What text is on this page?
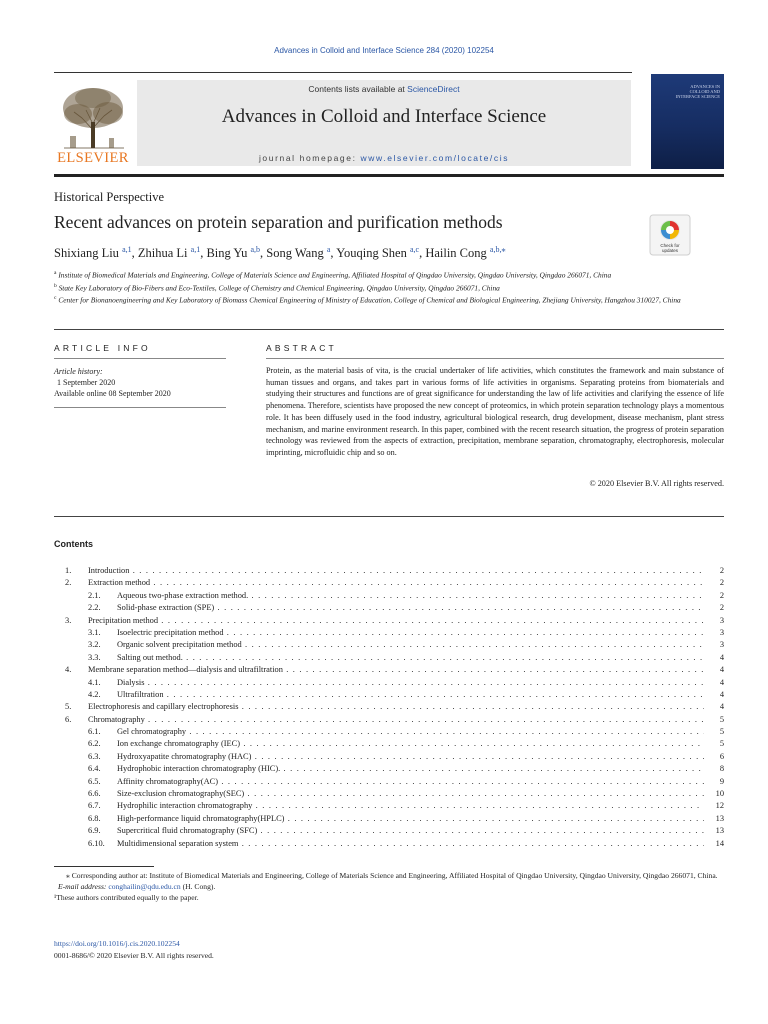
Advances in Colloid and Interface Science 284 (2020) 102254
ELSEVIER
Contents lists available at ScienceDirect
Advances in Colloid and Interface Science
journal homepage: www.elsevier.com/locate/cis
ADVANCES IN COLLOID AND INTERFACE SCIENCE
Historical Perspective
Recent advances on protein separation and purification methods
Check for
updates
Shixiang Liu $^{a,1}$, Zhihua Li $^{a,1}$, Bing Yu $^{a,b}$, Song Wang $^a$, Youqing Shen $^{a,c}$, Hailin Cong $^{a,b,⁎}$
$^a$ Institute of Biomedical Materials and Engineering, College of Materials Science and Engineering, Affiliated Hospital of Qingdao University, Qingdao University, Qingdao 266071, China
$^b$ State Key Laboratory of Bio-Fibers and Eco-Textiles, College of Chemistry and Chemical Engineering, Qingdao University, Qingdao 266071, China
$^c$ Center for Bionanoengineering and Key Laboratory of Biomass Chemical Engineering of Ministry of Education, College of Chemical and Biological Engineering, Zhejiang University, Hangzhou 310027, China
ARTICLE INFO
Article history:
1 September 2020
Available online 08 September 2020
ABSTRACT
Protein, as the material basis of vita, is the crucial undertaker of life activities, which constitutes the framework and main substance of human tissues and organs, and takes part in various forms of life activities in organisms. Separating proteins from biomaterials and studying their structures and functions are of great significance for understanding the law of life activities and clarifying the essence of life phenomena. Therefore, scientists have proposed the new concept of proteomics, in which protein separation technology plays a momentous role. It has been diffusely used in the food industry, agricultural biological research, drug development, disease mechanism, plant stress mechanism, and marine environment research. In this paper, combined with the recent research situation, the progress of protein separation technology was reviewed from the aspects of extraction, precipitation, membrane separation, chromatography, electrophoresis, molecular imprinting, microfluidic chip and so on.
© 2020 Elsevier B.V. All rights reserved.
Contents
1. Introduction . . .	2
2. Extraction method . . .	2
2.1. Aqueous two-phase extraction method. . . .	2
2.2. Solid-phase extraction (SPE) . . .	2
3. Precipitation method . . .	3
3.1. Isoelectric precipitation method . . .	3
3.2. Organic solvent precipitation method . . .	3
3.3. Salting out method. . . .	4
4. Membrane separation method—dialysis and ultrafiltration . . .	4
4.1. Dialysis . . .	4
4.2. Ultrafiltration . . .	4
5. Electrophoresis and capillary electrophoresis . . .	4
6. Chromatography . . .	5
6.1. Gel chromatography . . .	5
6.2. Ion exchange chromatography (IEC) . . .	5
6.3. Hydroxyapatite chromatography (HAC) . . .	6
6.4. Hydrophobic interaction chromatography (HIC). . . .	8
6.5. Affinity chromatography(AC) . . .	9
6.6. Size-exclusion chromatography(SEC) . . .	10
6.7. Hydrophilic interaction chromatography . . .	12
6.8. High-performance liquid chromatography(HPLC) . . .	13
6.9. Supercritical fluid chromatography (SFC) . . .	13
6.10. Multidimensional separation system . . .	14

⁎ Corresponding author at: Institute of Biomedical Materials and Engineering, College of Materials Science and Engineering, Affiliated Hospital of Qingdao University, Qingdao University, Qingdao 266071, China.

E-mail address: conghailin@qdu.edu.cn (H. Cong).

¹These authors contributed equally to the paper.

https://doi.org/10.1016/j.cis.2020.102254
0001-8686/© 2020 Elsevier B.V. All rights reserved.
